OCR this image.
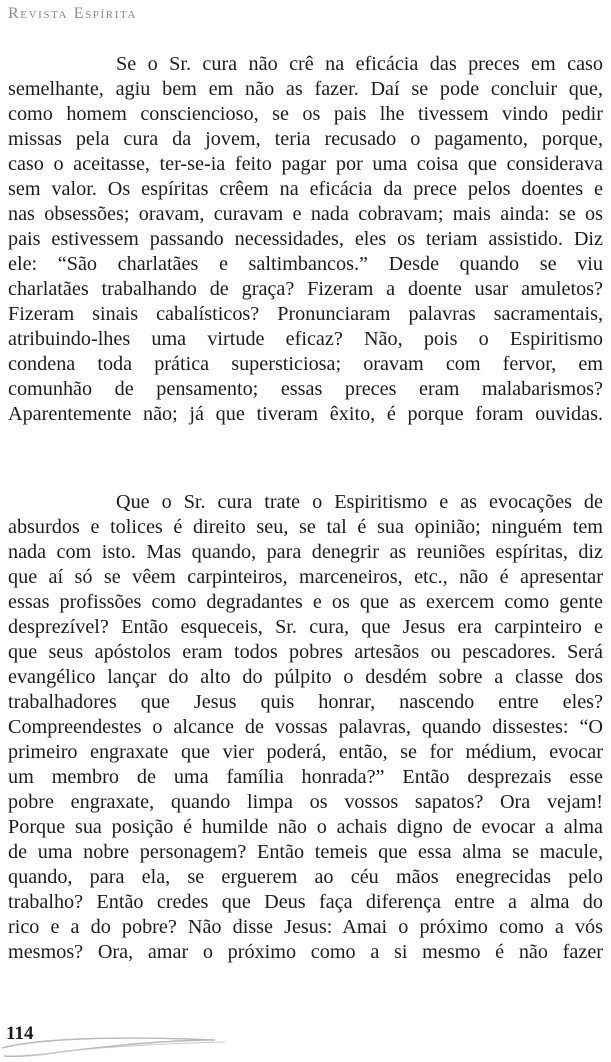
Revista Espírita
Se o Sr. cura não crê na eficácia das preces em caso
semelhante, agiu bem em não as fazer. Daí se pode concluir que,
como homem consciencioso, se os pais lhe tivessem vindo pedir
missas pela cura da jovem, teria recusado o pagamento, porque,
caso o aceitasse, ter-se-ia feito pagar por uma coisa que considerava
sem valor. Os espíritas crêem na eficácia da prece pelos doentes e
nas obsessões; oravam, curavam e nada cobravam; mais ainda: se os
pais estivessem passando necessidades, eles os teriam assistido. Diz
ele: “São charlatães e saltimbancos.” Desde quando se viu
charlatães trabalhando de graça? Fizeram a doente usar amuletos?
Fizeram sinais cabalísticos? Pronunciaram palavras sacramentais,
atribuindo-lhes uma virtude eficaz? Não, pois o Espiritismo
condena toda prática supersticiosa; oravam com fervor, em
comunhão de pensamento; essas preces eram malabarismos?
Aparentemente não; já que tiveram êxito, é porque foram ouvidas.
Que o Sr. cura trate o Espiritismo e as evocações de
absurdos e tolices é direito seu, se tal é sua opinião; ninguém tem
nada com isto. Mas quando, para denegrir as reuniões espíritas, diz
que aí só se vêem carpinteiros, marceneiros, etc., não é apresentar
essas profissões como degradantes e os que as exercem como gente
desprezível? Então esqueceis, Sr. cura, que Jesus era carpinteiro e
que seus apóstolos eram todos pobres artesãos ou pescadores. Será
evangélico lançar do alto do púlpito o desdém sobre a classe dos
trabalhadores que Jesus quis honrar, nascendo entre eles?
Compreendestes o alcance de vossas palavras, quando dissestes: “O
primeiro engraxate que vier poderá, então, se for médium, evocar
um membro de uma família honrada?” Então desprezais esse
pobre engraxate, quando limpa os vossos sapatos? Ora vejam!
Porque sua posição é humilde não o achais digno de evocar a alma
de uma nobre personagem? Então temeis que essa alma se macule,
quando, para ela, se erguerem ao céu mãos enegrecidas pelo
trabalho? Então credes que Deus faça diferença entre a alma do
rico e a do pobre? Não disse Jesus: Amai o próximo como a vós
mesmos? Ora, amar o próximo como a si mesmo é não fazer
114
